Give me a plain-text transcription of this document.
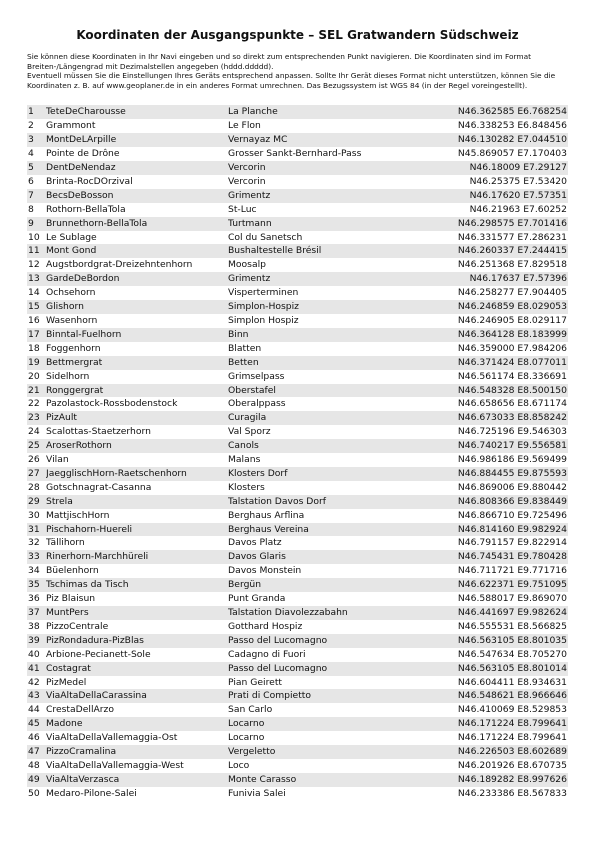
Koordinaten der Ausgangspunkte – SEL Gratwandern Südschweiz

Sie können diese Koordinaten in Ihr Navi eingeben und so direkt zum entsprechenden Punkt navigieren. Die Koordinaten sind im Format Breiten-/Längengrad mit Dezimalstellen angegeben (hddd.ddddd).

Eventuell müssen Sie die Einstellungen Ihres Geräts entsprechend anpassen. Sollte Ihr Gerät dieses Format nicht unterstützen, können Sie die Koordinaten z. B. auf www.geoplaner.de in ein anderes Format umrechnen. Das Bezugssystem ist WGS 84 (in der Regel voreingestellt).

1	TeteDeCharousse	La Planche	N46.362585 E6.768254
2	Grammont	Le Flon	N46.338253 E6.848456
3	MontDeLArpille	Vernayaz MC	N46.130282 E7.044510
4	Pointe de Drône	Grosser Sankt-Bernhard-Pass	N45.869057 E7.170403
5	DentDeNendaz	Vercorin	N46.18009 E7.29127
6	Brinta-RocDOrzival	Vercorin	N46.25375 E7.53420
7	BecsDeBosson	Grimentz	N46.17620 E7.57351
8	Rothorn-BellaTola	St-Luc	N46.21963 E7.60252
9	Brunnethorn-BellaTola	Turtmann	N46.298575 E7.701416
10	Le Sublage	Col du Sanetsch	N46.331577 E7.286231
11	Mont Gond	Bushaltestelle Brésil	N46.260337 E7.244415
12	Augstbordgrat-Dreizehntenhorn	Moosalp	N46.251368 E7.829518
13	GardeDeBordon	Grimentz	N46.17637 E7.57396
14	Ochsehorn	Visperterminen	N46.258277 E7.904405
15	Glishorn	Simplon-Hospiz	N46.246859 E8.029053
16	Wasenhorn	Simplon Hospiz	N46.246905 E8.029117
17	Binntal-Fuelhorn	Binn	N46.364128 E8.183999
18	Foggenhorn	Blatten	N46.359000 E7.984206
19	Bettmergrat	Betten	N46.371424 E8.077011
20	Sidelhorn	Grimselpass	N46.561174 E8.336691
21	Ronggergrat	Oberstafel	N46.548328 E8.500150
22	Pazolastock-Rossbodenstock	Oberalppass	N46.658656 E8.671174
23	PizAult	Curagila	N46.673033 E8.858242
24	Scalottas-Staetzerhorn	Val Sporz	N46.725196 E9.546303
25	AroserRothorn	Canols	N46.740217 E9.556581
26	Vilan	Malans	N46.986186 E9.569499
27	JaegglischHorn-Raetschenhorn	Klosters Dorf	N46.884455 E9.875593
28	Gotschnagrat-Casanna	Klosters	N46.869006 E9.880442
29	Strela	Talstation Davos Dorf	N46.808366 E9.838449
30	MattjischHorn	Berghaus Arflina	N46.866710 E9.725496
31	Pischahorn-Huereli	Berghaus Vereina	N46.814160 E9.982924
32	Tällihorn	Davos Platz	N46.791157 E9.822914
33	Rinerhorn-Marchhüreli	Davos Glaris	N46.745431 E9.780428
34	Büelenhorn	Davos Monstein	N46.711721 E9.771716
35	Tschimas da Tisch	Bergün	N46.622371 E9.751095
36	Piz Blaisun	Punt Granda	N46.588017 E9.869070
37	MuntPers	Talstation Diavolezzabahn	N46.441697 E9.982624
38	PizzoCentrale	Gotthard Hospiz	N46.555531 E8.566825
39	PizRondadura-PizBlas	Passo del Lucomagno	N46.563105 E8.801035
40	Arbione-Pecianett-Sole	Cadagno di Fuori	N46.547634 E8.705270
41	Costagrat	Passo del Lucomagno	N46.563105 E8.801014
42	PizMedel	Pian Geirett	N46.604411 E8.934631
43	ViaAltaDellaCarassina	Prati di Compietto	N46.548621 E8.966646
44	CrestaDellArzo	San Carlo	N46.410069 E8.529853
45	Madone	Locarno	N46.171224 E8.799641
46	ViaAltaDellaVallemaggia-Ost	Locarno	N46.171224 E8.799641
47	PizzoCramalina	Vergeletto	N46.226503 E8.602689
48	ViaAltaDellaVallemaggia-West	Loco	N46.201926 E8.670735
49	ViaAltaVerzasca	Monte Carasso	N46.189282 E8.997626
50	Medaro-Pilone-Salei	Funivia Salei	N46.233386 E8.567833
